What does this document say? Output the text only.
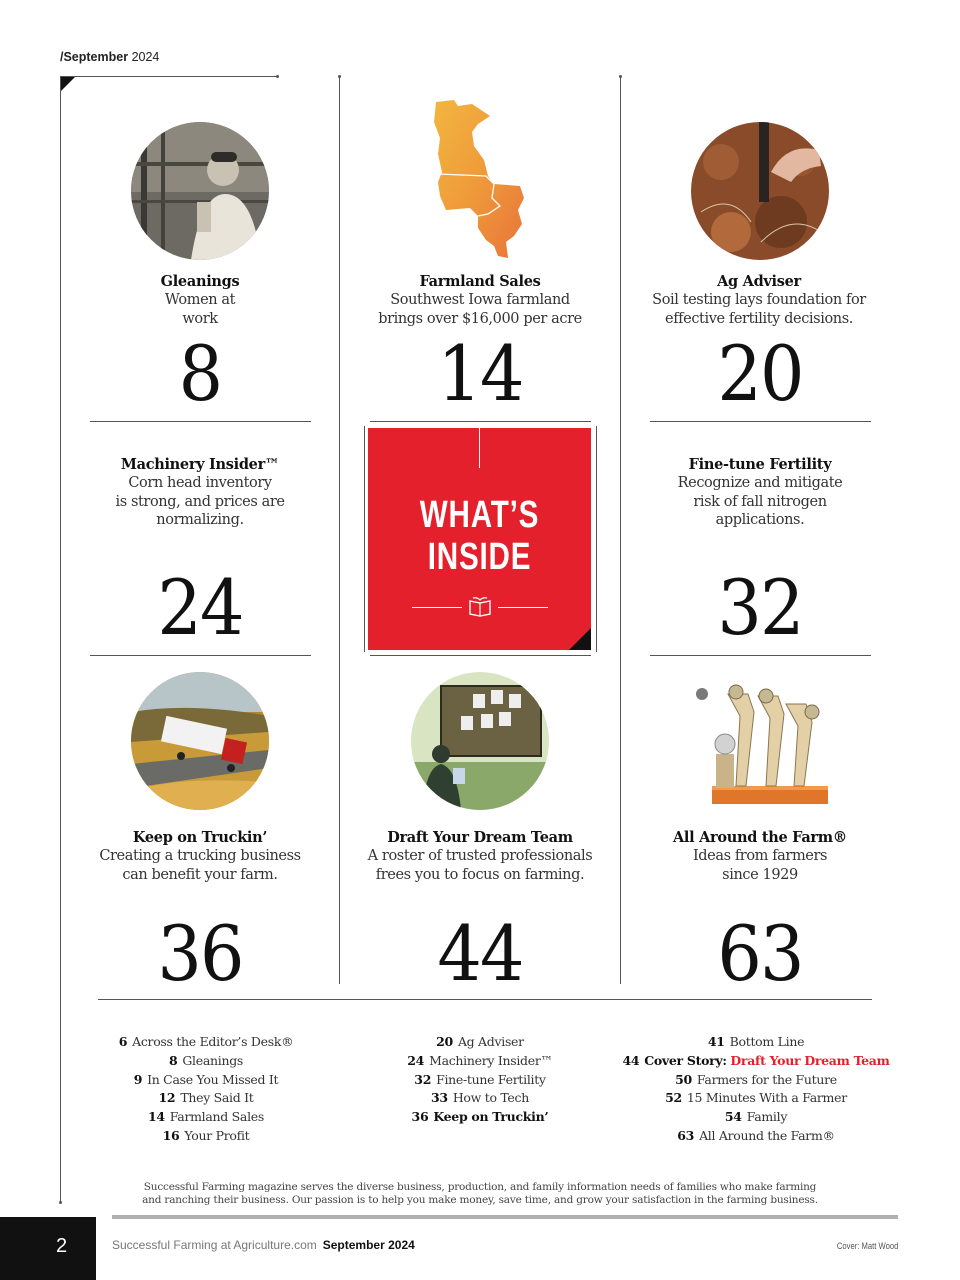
/September 2024
Gleanings
Women at
work
Farmland Sales
Southwest Iowa farmland
brings over $16,000 per acre
Ag Adviser
Soil testing lays foundation for
effective fertility decisions.
8	14	20
Machinery Insider™
Corn head inventory
is strong, and prices are
normalizing.
Fine-tune Fertility
Recognize and mitigate
risk of fall nitrogen
applications.
24	32
WHAT’S
INSIDE
Keep on Truckin’
Creating a trucking business
can benefit your farm.
Draft Your Dream Team
A roster of trusted professionals
frees you to focus on farming.
All Around the Farm®
Ideas from farmers
since 1929
36	44	63
6 Across the Editor’s Desk®
8 Gleanings
9 In Case You Missed It
12 They Said It
14 Farmland Sales
16 Your Profit
20 Ag Adviser
24 Machinery Insider™
32 Fine-tune Fertility
33 How to Tech
36 Keep on Truckin’
41 Bottom Line
44 Cover Story: Draft Your Dream Team
50 Farmers for the Future
52 15 Minutes With a Farmer
54 Family
63 All Around the Farm®
Successful Farming magazine serves the diverse business, production, and family information needs of families who make farming
and ranching their business. Our passion is to help you make money, save time, and grow your satisfaction in the farming business.
2	Successful Farming at Agriculture.com September 2024	Cover: Matt Wood
